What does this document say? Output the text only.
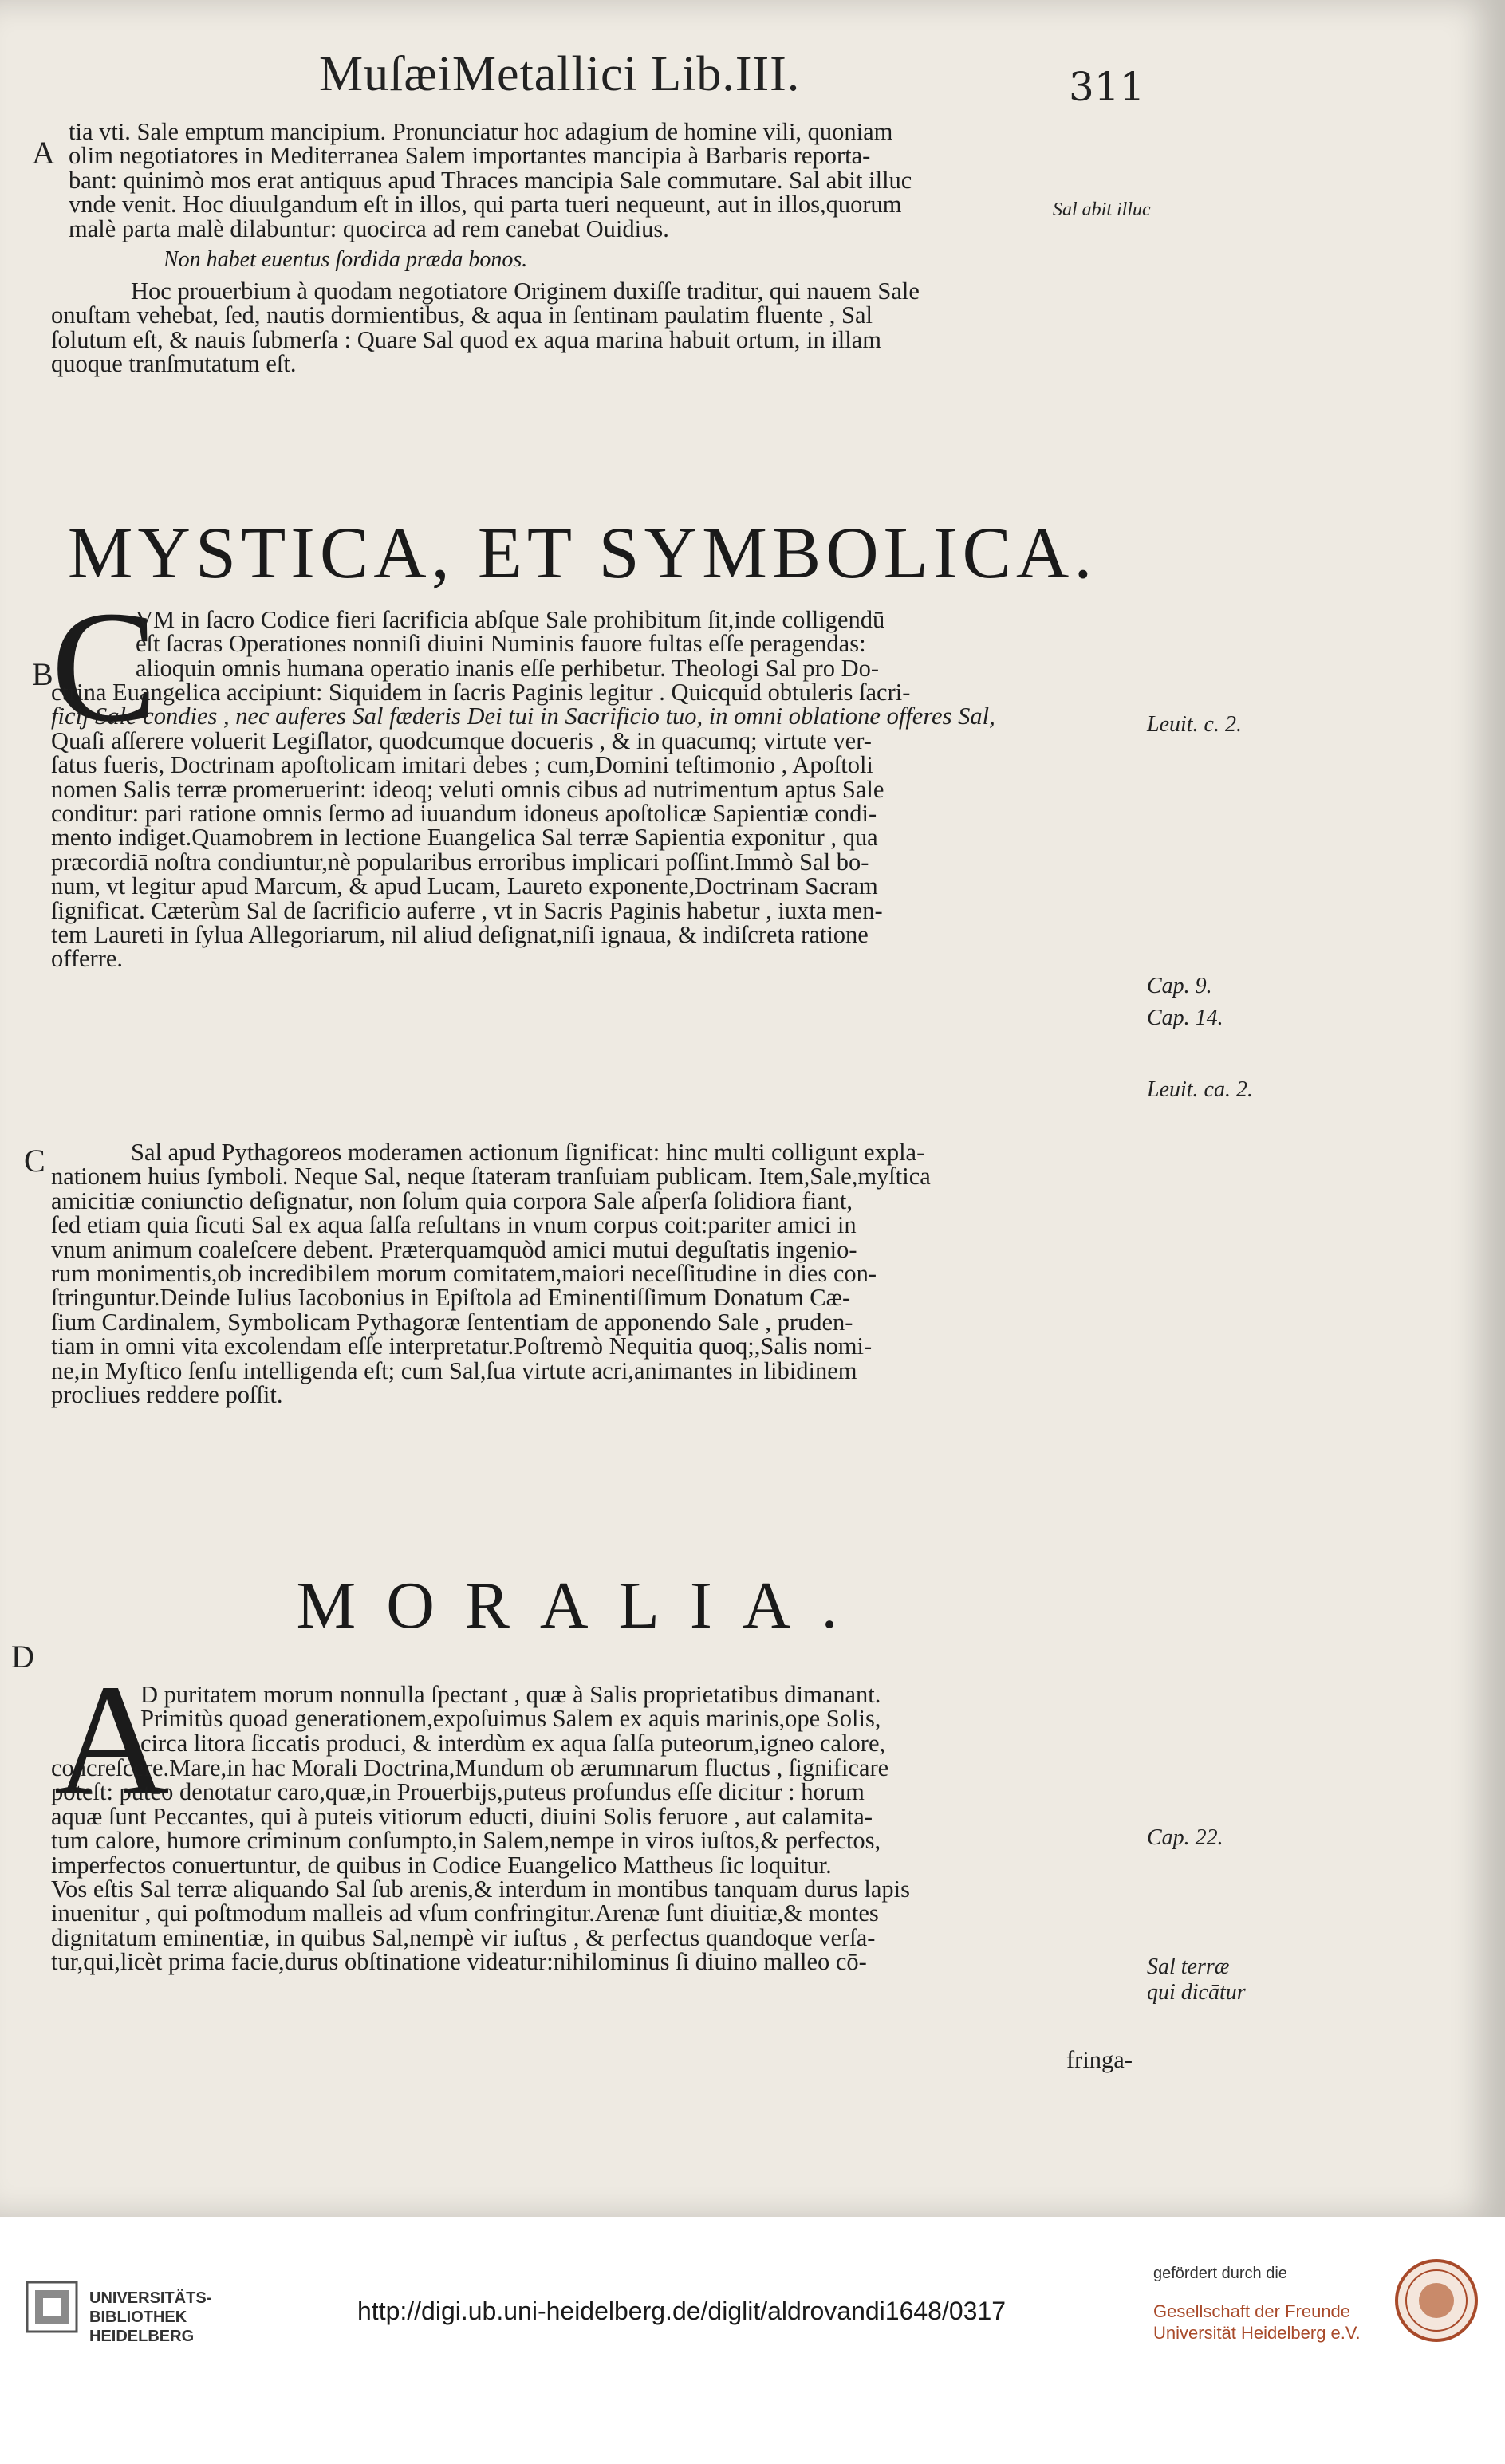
MuſæiMetallici Lib.III.	311
A
B
C
D

tia vti. Sale emptum mancipium. Pronunciatur hoc adagium de homine vili, quoniam

olim negotiatores in Mediterranea Salem importantes mancipia à Barbaris reporta-

bant: quinimò mos erat antiquus apud Thraces mancipia Sale commutare. Sal abit illuc

vnde venit. Hoc diuulgandum eſt in illos, qui parta tueri nequeunt, aut in illos,quorum

malè parta malè dilabuntur: quocirca ad rem canebat Ouidius.

Non habet euentus ſordida præda bonos.

Hoc prouerbium à quodam negotiatore Originem duxiſſe traditur, qui nauem Sale

onuſtam vehebat, ſed, nautis dormientibus, & aqua in ſentinam paulatim fluente , Sal

ſolutum eſt, & nauis ſubmerſa : Quare Sal quod ex aqua marina habuit ortum, in illam

quoque tranſmutatum eſt.

MYSTICA, ET SYMBOLICA.
C

VM in ſacro Codice fieri ſacrificia abſque Sale prohibitum ſit,inde colligendū

eſt ſacras Operationes nonniſi diuini Numinis fauore fultas eſſe peragendas:

alioquin omnis humana operatio inanis eſſe perhibetur. Theologi Sal pro Do-

ctrina Euangelica accipiunt: Siquidem in ſacris Paginis legitur . Quicquid obtuleris ſacri-

ficij Sale condies , nec auferes Sal fæderis Dei tui in Sacrificio tuo, in omni oblatione offeres Sal,

Quaſi aſſerere voluerit Legiſlator, quodcumque docueris , & in quacumq; virtute ver-

ſatus fueris, Doctrinam apoſtolicam imitari debes ; cum,Domini teſtimonio , Apoſtoli

nomen Salis terræ promeruerint: ideoq; veluti omnis cibus ad nutrimentum aptus Sale

conditur: pari ratione omnis ſermo ad iuuandum idoneus apoſtolicæ Sapientiæ condi-

mento indiget.Quamobrem in lectione Euangelica Sal terræ Sapientia exponitur , qua

præcordiā noſtra condiuntur,nè popularibus erroribus implicari poſſint.Immò Sal bo-

num, vt legitur apud Marcum, & apud Lucam, Laureto exponente,Doctrinam Sacram

ſignificat. Cæterùm Sal de ſacrificio auferre , vt in Sacris Paginis habetur , iuxta men-

tem Laureti in ſylua Allegoriarum, nil aliud deſignat,niſi ignaua, & indiſcreta ratione

offerre.

Sal apud Pythagoreos moderamen actionum ſignificat: hinc multi colligunt expla-

nationem huius ſymboli. Neque Sal, neque ſtateram tranſuiam publicam. Item,Sale,myſtica

amicitiæ coniunctio deſignatur, non ſolum quia corpora Sale aſperſa ſolidiora fiant,

ſed etiam quia ſicuti Sal ex aqua ſalſa reſultans in vnum corpus coit:pariter amici in

vnum animum coaleſcere debent. Præterquamquòd amici mutui deguſtatis ingenio-

rum monimentis,ob incredibilem morum comitatem,maiori neceſſitudine in dies con-

ſtringuntur.Deinde Iulius Iacobonius in Epiſtola ad Eminentiſſimum Donatum Cæ-

ſium Cardinalem, Symbolicam Pythagoræ ſententiam de apponendo Sale , pruden-

tiam in omni vita excolendam eſſe interpretatur.Poſtremò Nequitia quoq;,Salis nomi-

ne,in Myſtico ſenſu intelligenda eſt; cum Sal,ſua virtute acri,animantes in libidinem

procliues reddere poſſit.

MORALIA.
A

D puritatem morum nonnulla ſpectant , quæ à Salis proprietatibus dimanant.

Primitùs quoad generationem,expoſuimus Salem ex aquis marinis,ope Solis,

circa litora ſiccatis produci, & interdùm ex aqua ſalſa puteorum,igneo calore,

concreſcere.Mare,in hac Morali Doctrina,Mundum ob ærumnarum fluctus , ſignificare

poteſt: puteo denotatur caro,quæ,in Prouerbijs,puteus profundus eſſe dicitur : horum

aquæ ſunt Peccantes, qui à puteis vitiorum educti, diuini Solis feruore , aut calamita-

tum calore, humore criminum conſumpto,in Salem,nempe in viros iuſtos,& perfectos,

imperfectos conuertuntur, de quibus in Codice Euangelico Mattheus ſic loquitur.

Vos eſtis Sal terræ aliquando Sal ſub arenis,& interdum in montibus tanquam durus lapis

inuenitur , qui poſtmodum malleis ad vſum confringitur.Arenæ ſunt diuitiæ,& montes

dignitatum eminentiæ, in quibus Sal,nempè vir iuſtus , & perfectus quandoque verſa-

tur,qui,licèt prima facie,durus obſtinatione videatur:nihilominus ſi diuino malleo cō-

fringa-
Sal abit illuc
Leuit. c. 2.
Cap. 9.
Cap. 14.
Leuit. ca. 2.
Cap. 22.
Sal terræ
qui dicātur
UNIVERSITÄTS-
BIBLIOTHEK
HEIDELBERG
http://digi.ub.uni-heidelberg.de/diglit/aldrovandi1648/0317
gefördert durch die
Gesellschaft der Freunde
Universität Heidelberg e.V.
